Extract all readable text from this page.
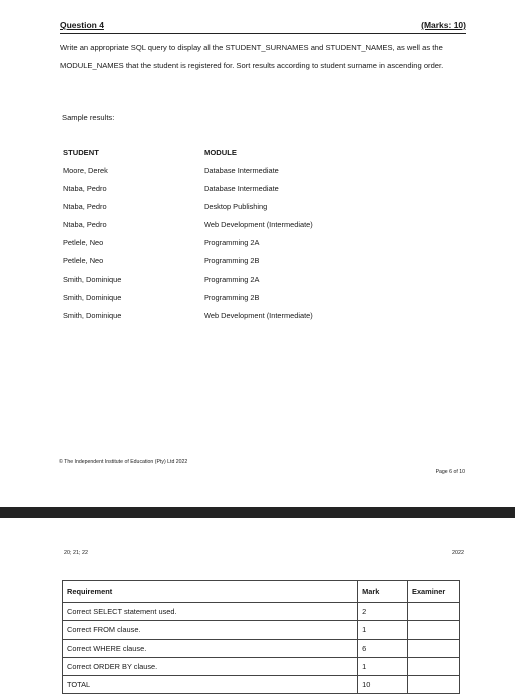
Question 4	(Marks: 10)

Write an appropriate SQL query to display all the STUDENT_SURNAMES and STUDENT_NAMES, as well as the MODULE_NAMES that the student is registered for. Sort results according to student surname in ascending order.

Sample results:
STUDENT	MODULE
Moore, Derek	Database Intermediate
Ntaba, Pedro	Database Intermediate
Ntaba, Pedro	Desktop Publishing
Ntaba, Pedro	Web Development (Intermediate)
Petlele, Neo	Programming 2A
Petlele, Neo	Programming 2B
Smith, Dominique	Programming 2A
Smith, Dominique	Programming 2B
Smith, Dominique	Web Development (Intermediate)
© The Independent Institute of Education (Pty) Ltd 2022
Page 6 of 10
20; 21; 22	2022
Requirement	Mark	Examiner
Correct SELECT statement used.	2	
Correct FROM clause.	1	
Correct WHERE clause.	6	
Correct ORDER BY clause.	1	
TOTAL	10	
